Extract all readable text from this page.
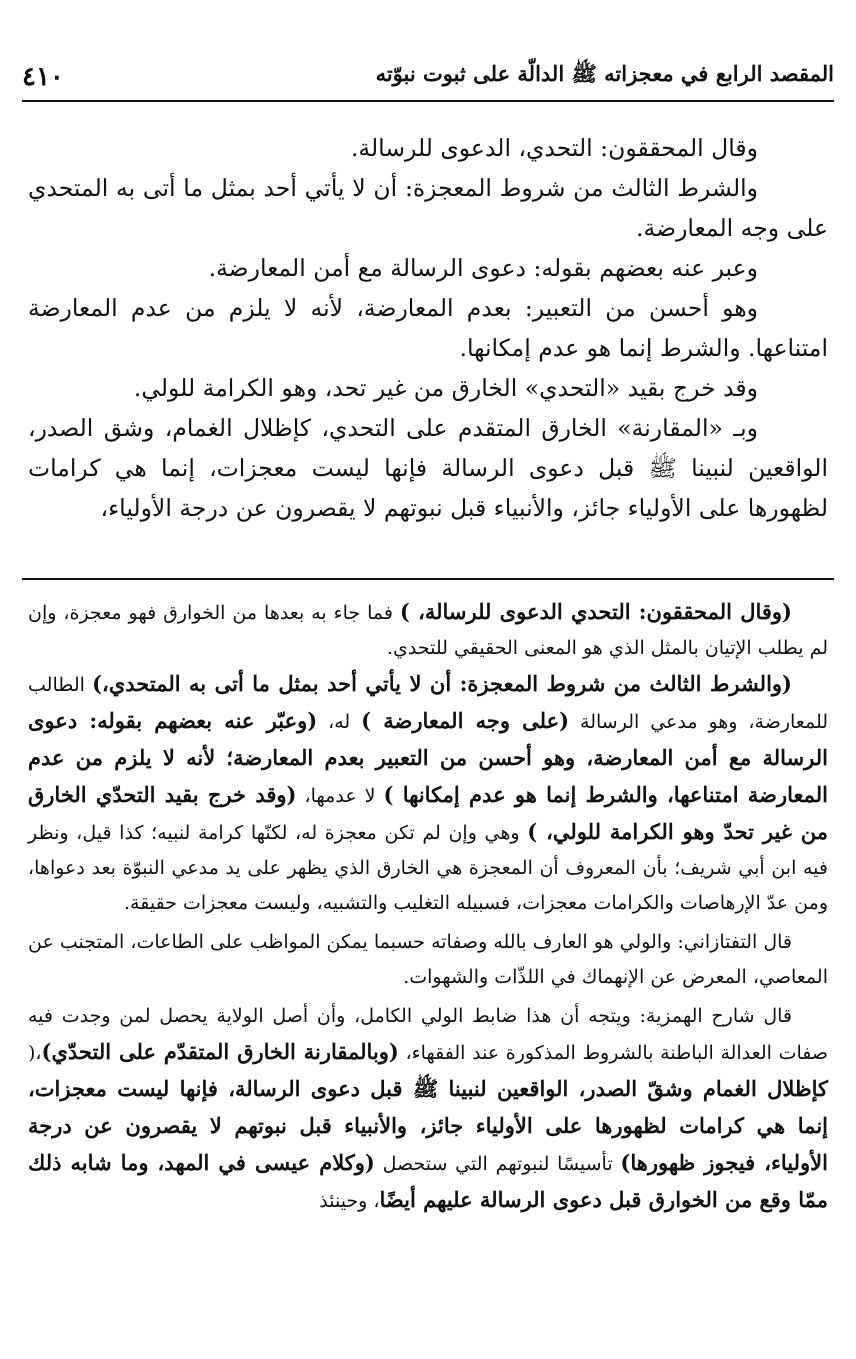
المقصد الرابع في معجزاته ﷺ الدالّة على ثبوت نبوّته
٤١٠

وقال المحققون: التحدي، الدعوى للرسالة.

والشرط الثالث من شروط المعجزة: أن لا يأتي أحد بمثل ما أتى به المتحدي على وجه المعارضة.

وعبر عنه بعضهم بقوله: دعوى الرسالة مع أمن المعارضة.

وهو أحسن من التعبير: بعدم المعارضة، لأنه لا يلزم من عدم المعارضة امتناعها. والشرط إنما هو عدم إمكانها.

وقد خرج بقيد «التحدي» الخارق من غير تحد، وهو الكرامة للولي.

وبـ «المقارنة» الخارق المتقدم على التحدي، كإظلال الغمام، وشق الصدر، الواقعين لنبينا ﷺ قبل دعوى الرسالة فإنها ليست معجزات، إنما هي كرامات لظهورها على الأولياء جائز، والأنبياء قبل نبوتهم لا يقصرون عن درجة الأولياء،

(وقال المحققون: التحدي الدعوى للرسالة، ) فما جاء به بعدها من الخوارق فهو معجزة، وإن لم يطلب الإتيان بالمثل الذي هو المعنى الحقيقي للتحدي.

(والشرط الثالث من شروط المعجزة: أن لا يأتي أحد بمثل ما أتى به المتحدي،) الطالب للمعارضة، وهو مدعي الرسالة (على وجه المعارضة ) له، (وعبّر عنه بعضهم بقوله: دعوى الرسالة مع أمن المعارضة، وهو أحسن من التعبير بعدم المعارضة؛ لأنه لا يلزم من عدم المعارضة امتناعها، والشرط إنما هو عدم إمكانها ) لا عدمها، (وقد خرج بقيد التحدّي الخارق من غير تحدّ وهو الكرامة للولي، ) وهي وإن لم تكن معجزة له، لكنّها كرامة لنبيه؛ كذا قيل، ونظر فيه ابن أبي شريف؛ بأن المعروف أن المعجزة هي الخارق الذي يظهر على يد مدعي النبوّة بعد دعواها، ومن عدّ الإرهاصات والكرامات معجزات، فسبيله التغليب والتشبيه، وليست معجزات حقيقة.

قال التفتازاني: والولي هو العارف بالله وصفاته حسبما يمكن المواظب على الطاعات، المتجنب عن المعاصي، المعرض عن الإنهماك في اللذّات والشهوات.

قال شارح الهمزية: ويتجه أن هذا ضابط الولي الكامل، وأن أصل الولاية يحصل لمن وجدت فيه صفات العدالة الباطنة بالشروط المذكورة عند الفقهاء، (وبالمقارنة الخارق المتقدّم على التحدّي)،( كإظلال الغمام وشقّ الصدر، الواقعين لنبينا ﷺ قبل دعوى الرسالة، فإنها ليست معجزات، إنما هي كرامات لظهورها على الأولياء جائز، والأنبياء قبل نبوتهم لا يقصرون عن درجة الأولياء، فيجوز ظهورها) تأسيسًا لنبوتهم التي ستحصل (وكلام عيسى في المهد، وما شابه ذلك ممّا وقع من الخوارق قبل دعوى الرسالة عليهم أيضًا، وحينئذ
